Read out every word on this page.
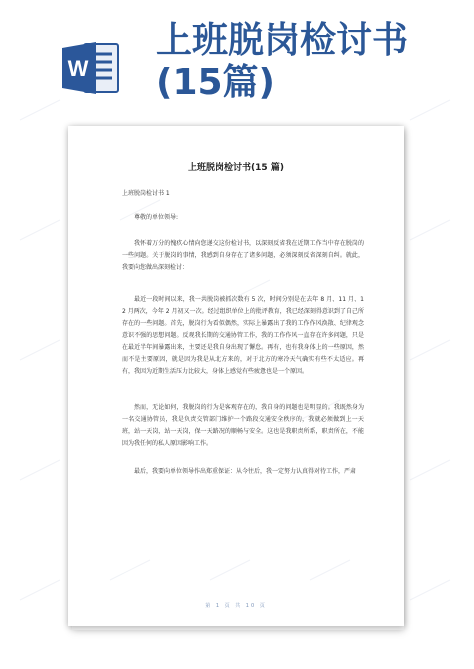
W
上班脱岗检讨书(15篇)
上班脱岗检讨书(15 篇)

上班脱岗检讨书 1

尊敬的单位领导:

我怀着万分的愧疚心情向您递交这份检讨书，以深刻反省我在近期工作当中存在脱岗的一些问题。关于脱岗的事情，我感到自身存在了诸多问题，必须深刻反省深刻自纠。就此，我要向您做出深刻检讨：

最近一段时间以来，我一共脱岗被抓次数有 5 次，时间分别是在去年 8 月、11 月、12 月两次，今年 2 月初又一次。经过组织单位上的批评教育，我已经深刻得意识到了自己所存在的一些问题。首先，脱岗行为看似偶然，实际上暴露出了我的工作作风涣散、纪律观念意识不强的思想问题。反观我长期的交通协管工作，我的工作作风一直存在许多问题，只是在最近半年间暴露出来，主要还是我自身出现了懈怠。再有，也有我身体上的一些原因，然而不是主要原因，就是因为我是从北方来的，对于北方的寒冷天气确实有些不太适应。再有，我因为近期生活压力比较大，身体上感觉有些疲惫也是一个原因。

然而，无论如何，我脱岗的行为是客观存在的，我自身的问题也是明显的。我既然身为一名交通协管员，我是负责交管部门维护一个路段交通安全秩序的，我就必须做到上一天班，站一天岗，站一天岗，保一天路况的顺畅与安全。这也是我职责所系，职责所在，不能因为我任何的私人原因影响工作。

最后，我要向单位领导作出郑重保证：从今往后，我一定努力认真得对待工作，严肃

第 1 页 共 10 页
